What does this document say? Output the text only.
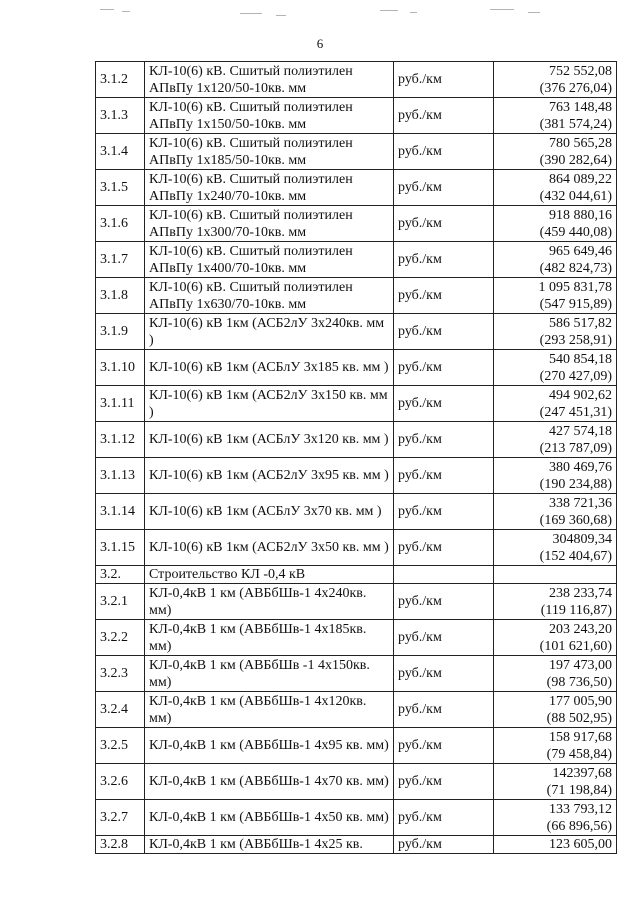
6
3.1.2	КЛ-10(6) кВ. Сшитый полиэтилен АПвПу 1х120/50-10кв. мм	руб./км	752 552,08
(376 276,04)

3.1.3	КЛ-10(6) кВ. Сшитый полиэтилен АПвПу 1х150/50-10кв. мм	руб./км	763 148,48
(381 574,24)

3.1.4	КЛ-10(6) кВ. Сшитый полиэтилен АПвПу 1х185/50-10кв. мм	руб./км	780 565,28
(390 282,64)

3.1.5	КЛ-10(6) кВ. Сшитый полиэтилен АПвПу 1х240/70-10кв. мм	руб./км	864 089,22
(432 044,61)

3.1.6	КЛ-10(6) кВ. Сшитый полиэтилен АПвПу 1х300/70-10кв. мм	руб./км	918 880,16
(459 440,08)

3.1.7	КЛ-10(6) кВ. Сшитый полиэтилен АПвПу 1х400/70-10кв. мм	руб./км	965 649,46
(482 824,73)

3.1.8	КЛ-10(6) кВ. Сшитый полиэтилен АПвПу 1х630/70-10кв. мм	руб./км	1 095 831,78
(547 915,89)

3.1.9	КЛ-10(6) кВ 1км (АСБ2лУ 3х240кв. мм )	руб./км	586 517,82
(293 258,91)

3.1.10	КЛ-10(6) кВ 1км (АСБлУ 3х185 кв. мм )	руб./км	540 854,18
(270 427,09)

3.1.11	КЛ-10(6) кВ 1км (АСБ2лУ 3х150 кв. мм )	руб./км	494 902,62
(247 451,31)

3.1.12	КЛ-10(6) кВ 1км (АСБлУ 3х120 кв. мм )	руб./км	427 574,18
(213 787,09)

3.1.13	КЛ-10(6) кВ 1км (АСБ2лУ 3х95 кв. мм )	руб./км	380 469,76
(190 234,88)

3.1.14	КЛ-10(6) кВ 1км (АСБлУ 3х70 кв. мм )	руб./км	338 721,36
(169 360,68)

3.1.15	КЛ-10(6) кВ 1км (АСБ2лУ 3х50 кв. мм )	руб./км	304809,34
(152 404,67)

3.2.	Строительство КЛ -0,4 кВ		

3.2.1	КЛ-0,4кВ 1 км (АВБбШв-1 4х240кв. мм)	руб./км	238 233,74
(119 116,87)

3.2.2	КЛ-0,4кВ 1 км (АВБбШв-1 4х185кв. мм)	руб./км	203 243,20
(101 621,60)

3.2.3	КЛ-0,4кВ 1 км (АВБбШв -1 4х150кв. мм)	руб./км	197 473,00
(98 736,50)

3.2.4	КЛ-0,4кВ 1 км (АВБбШв-1 4х120кв. мм)	руб./км	177 005,90
(88 502,95)

3.2.5	КЛ-0,4кВ 1 км (АВБбШв-1 4х95 кв. мм)	руб./км	158 917,68
(79 458,84)

3.2.6	КЛ-0,4кВ 1 км (АВБбШв-1 4х70 кв. мм)	руб./км	142397,68
(71 198,84)

3.2.7	КЛ-0,4кВ 1 км (АВБбШв-1 4х50 кв. мм)	руб./км	133 793,12
(66 896,56)

3.2.8	КЛ-0,4кВ 1 км (АВБбШв-1 4х25 кв.	руб./км	123 605,00
